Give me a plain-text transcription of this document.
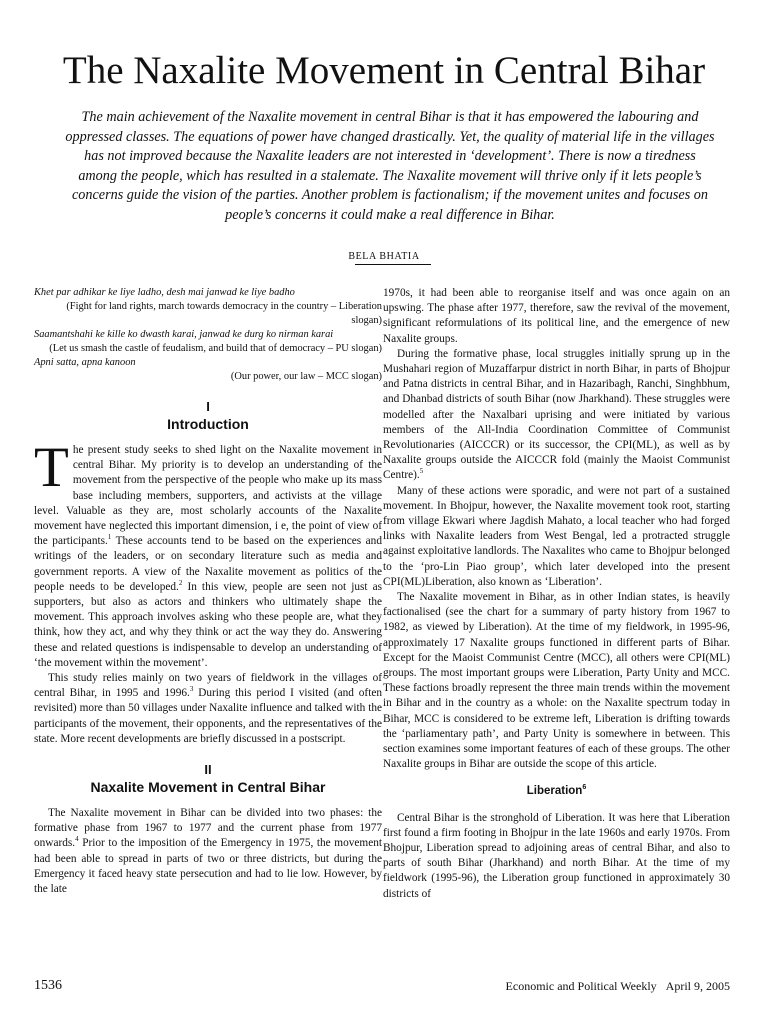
The Naxalite Movement in Central Bihar
The main achievement of the Naxalite movement in central Bihar is that it has empowered the labouring and oppressed classes. The equations of power have changed drastically. Yet, the quality of material life in the villages has not improved because the Naxalite leaders are not interested in ‘development’. There is now a tiredness among the people, which has resulted in a stalemate. The Naxalite movement will thrive only if it lets people’s concerns guide the vision of the parties. Another problem is factionalism; if the movement unites and focuses on people’s concerns it could make a real difference in Bihar.
BELA BHATIA
Khet par adhikar ke liye ladho, desh mai janwad ke liye badho
(Fight for land rights, march towards democracy in the country – Liberation slogan)
Saamantshahi ke kille ko dwasth karai, janwad ke durg ko nirman karai
(Let us smash the castle of feudalism, and build that of democracy – PU slogan)
Apni satta, apna kanoon
(Our power, our law – MCC slogan)
I
Introduction

The present study seeks to shed light on the Naxalite movement in central Bihar. My priority is to develop an understanding of the movement from the perspective of the people who make up its mass base including members, supporters, and activists at the village level. Valuable as they are, most scholarly accounts of the Naxalite movement have neglected this important dimension, i e, the point of view of the participants.$^1$ These accounts tend to be based on the experiences and writings of the leaders, or on secondary literature such as media and government reports. A view of the Naxalite movement as politics of the people needs to be developed.$^2$ In this view, people are seen not just as supporters, but also as actors and thinkers who ultimately shape the movement. This approach involves asking who these people are, what they think, how they act, and why they think or act the way they do. Answering these and related questions is indispensable to develop an understanding of ‘the movement within the movement’.

This study relies mainly on two years of fieldwork in the villages of central Bihar, in 1995 and 1996.$^3$ During this period I visited (and often revisited) more than 50 villages under Naxalite influence and talked with the participants of the movement, their opponents, and the representatives of the state. More recent developments are briefly discussed in a postscript.

II
Naxalite Movement in Central Bihar

The Naxalite movement in Bihar can be divided into two phases: the formative phase from 1967 to 1977 and the current phase from 1977 onwards.$^4$ Prior to the imposition of the Emergency in 1975, the movement had been able to spread in parts of two or three districts, but during the Emergency it faced heavy state persecution and had to lie low. However, by the late

1970s, it had been able to reorganise itself and was once again on an upswing. The phase after 1977, therefore, saw the revival of the movement, significant reformulations of its political line, and the emergence of new Naxalite groups.

During the formative phase, local struggles initially sprung up in the Mushahari region of Muzaffarpur district in north Bihar, in parts of Bhojpur and Patna districts in central Bihar, and in Hazaribagh, Ranchi, Singhbhum, and Dhanbad districts of south Bihar (now Jharkhand). These struggles were modelled after the Naxalbari uprising and were initiated by various members of the All-India Coordination Committee of Communist Revolutionaries (AICCCR) or its successor, the CPI(ML), as well as by Naxalite groups outside the AICCCR fold (mainly the Maoist Communist Centre).$^5$

Many of these actions were sporadic, and were not part of a sustained movement. In Bhojpur, however, the Naxalite movement took root, starting from village Ekwari where Jagdish Mahato, a local teacher who had forged links with Naxalite leaders from West Bengal, led a protracted struggle against exploitative landlords. The Naxalites who came to Bhojpur belonged to the ‘pro-Lin Piao group’, which later developed into the present CPI(ML)Liberation, also known as ‘Liberation’.

The Naxalite movement in Bihar, as in other Indian states, is heavily factionalised (see the chart for a summary of party history from 1967 to 1982, as viewed by Liberation). At the time of my fieldwork, in 1995-96, approximately 17 Naxalite groups functioned in different parts of Bihar. Except for the Maoist Communist Centre (MCC), all others were CPI(ML) groups. The most important groups were Liberation, Party Unity and MCC. These factions broadly represent the three main trends within the movement in Bihar and in the country as a whole: on the Naxalite spectrum today in Bihar, MCC is considered to be extreme left, Liberation is drifting towards the ‘parliamentary path’, and Party Unity is somewhere in between. This section examines some important features of each of these groups. The other Naxalite groups in Bihar are outside the scope of this article.

Liberation$^6$

Central Bihar is the stronghold of Liberation. It was here that Liberation first found a firm footing in Bhojpur in the late 1960s and early 1970s. From Bhojpur, Liberation spread to adjoining areas of central Bihar, and also to parts of south Bihar (Jharkhand) and north Bihar. At the time of my fieldwork (1995-96), the Liberation group functioned in approximately 30 districts of

1536	Economic and Political Weekly April 9, 2005
